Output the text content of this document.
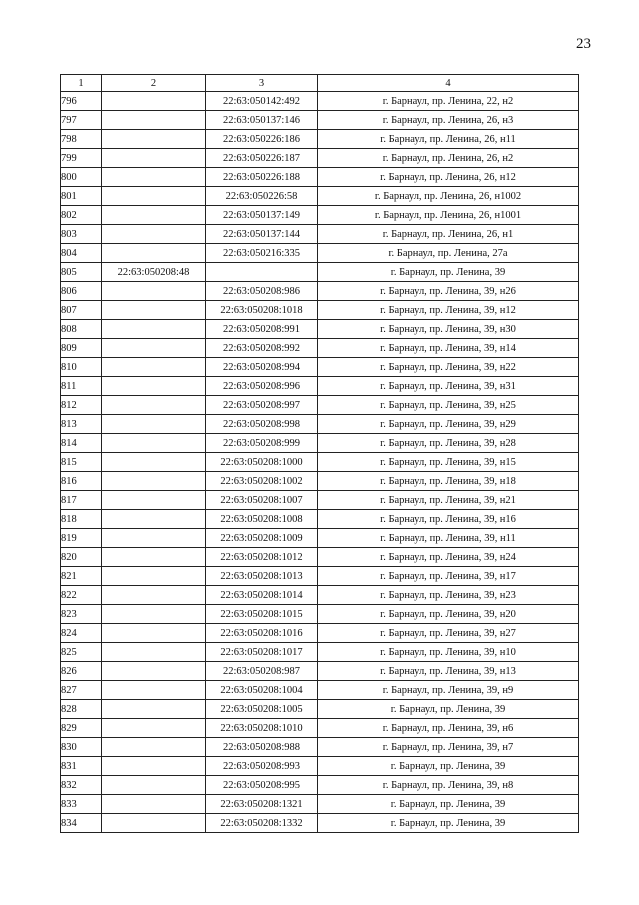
23
1	2	3	4
796		22:63:050142:492	г. Барнаул, пр. Ленина, 22, н2
797		22:63:050137:146	г. Барнаул, пр. Ленина, 26, н3
798		22:63:050226:186	г. Барнаул, пр. Ленина, 26, н11
799		22:63:050226:187	г. Барнаул, пр. Ленина, 26, н2
800		22:63:050226:188	г. Барнаул, пр. Ленина, 26, н12
801		22:63:050226:58	г. Барнаул, пр. Ленина, 26, н1002
802		22:63:050137:149	г. Барнаул, пр. Ленина, 26, н1001
803		22:63:050137:144	г. Барнаул, пр. Ленина, 26, н1
804		22:63:050216:335	г. Барнаул, пр. Ленина, 27а
805	22:63:050208:48		г. Барнаул, пр. Ленина, 39
806		22:63:050208:986	г. Барнаул, пр. Ленина, 39, н26
807		22:63:050208:1018	г. Барнаул, пр. Ленина, 39, н12
808		22:63:050208:991	г. Барнаул, пр. Ленина, 39, н30
809		22:63:050208:992	г. Барнаул, пр. Ленина, 39, н14
810		22:63:050208:994	г. Барнаул, пр. Ленина, 39, н22
811		22:63:050208:996	г. Барнаул, пр. Ленина, 39, н31
812		22:63:050208:997	г. Барнаул, пр. Ленина, 39, н25
813		22:63:050208:998	г. Барнаул, пр. Ленина, 39, н29
814		22:63:050208:999	г. Барнаул, пр. Ленина, 39, н28
815		22:63:050208:1000	г. Барнаул, пр. Ленина, 39, н15
816		22:63:050208:1002	г. Барнаул, пр. Ленина, 39, н18
817		22:63:050208:1007	г. Барнаул, пр. Ленина, 39, н21
818		22:63:050208:1008	г. Барнаул, пр. Ленина, 39, н16
819		22:63:050208:1009	г. Барнаул, пр. Ленина, 39, н11
820		22:63:050208:1012	г. Барнаул, пр. Ленина, 39, н24
821		22:63:050208:1013	г. Барнаул, пр. Ленина, 39, н17
822		22:63:050208:1014	г. Барнаул, пр. Ленина, 39, н23
823		22:63:050208:1015	г. Барнаул, пр. Ленина, 39, н20
824		22:63:050208:1016	г. Барнаул, пр. Ленина, 39, н27
825		22:63:050208:1017	г. Барнаул, пр. Ленина, 39, н10
826		22:63:050208:987	г. Барнаул, пр. Ленина, 39, н13
827		22:63:050208:1004	г. Барнаул, пр. Ленина, 39, н9
828		22:63:050208:1005	г. Барнаул, пр. Ленина, 39
829		22:63:050208:1010	г. Барнаул, пр. Ленина, 39, н6
830		22:63:050208:988	г. Барнаул, пр. Ленина, 39, н7
831		22:63:050208:993	г. Барнаул, пр. Ленина, 39
832		22:63:050208:995	г. Барнаул, пр. Ленина, 39, н8
833		22:63:050208:1321	г. Барнаул, пр. Ленина, 39
834		22:63:050208:1332	г. Барнаул, пр. Ленина, 39
